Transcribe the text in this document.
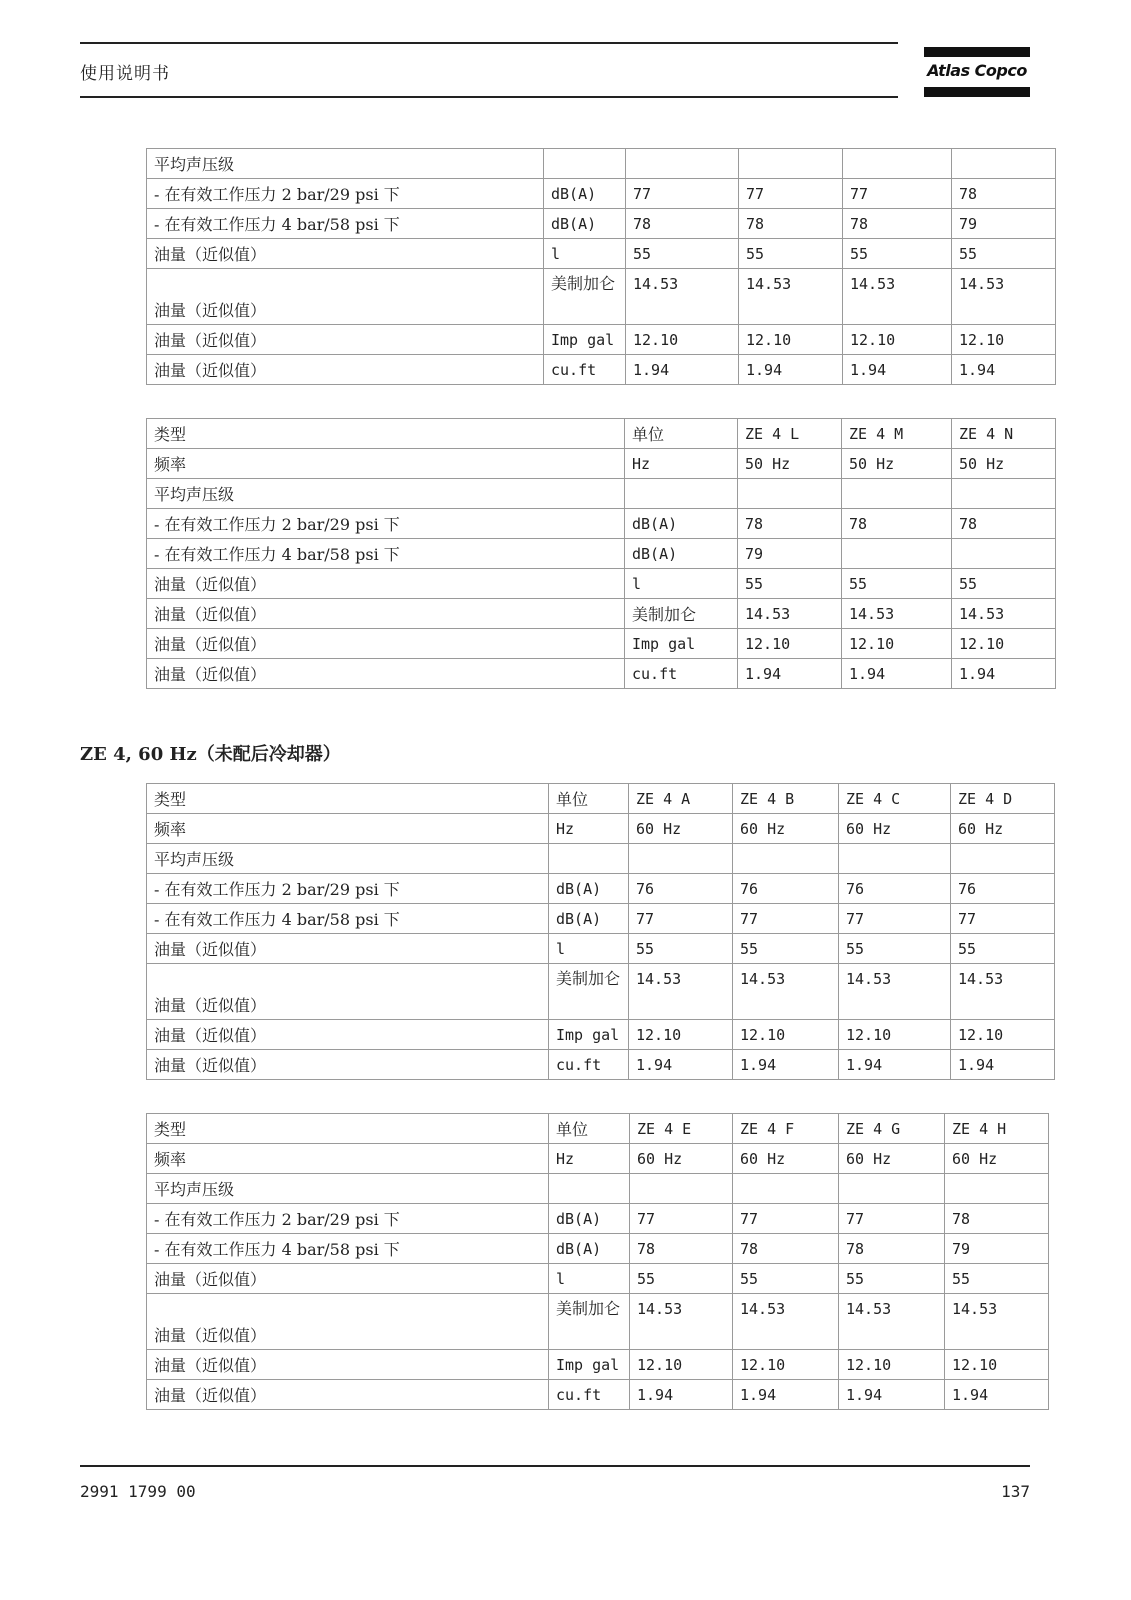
使用说明书	Atlas Copco
平均声压级					
- 在有效工作压力 2 bar/29 psi 下	dB(A)	77	77	77	78
- 在有效工作压力 4 bar/58 psi 下	dB(A)	78	78	78	79
油量（近似值）	l	55	55	55	55
油量（近似值）	美制加仑	14.53	14.53	14.53	14.53
油量（近似值）	Imp gal	12.10	12.10	12.10	12.10
油量（近似值）	cu.ft	1.94	1.94	1.94	1.94
类型	单位	ZE 4 L	ZE 4 M	ZE 4 N
频率	Hz	50 Hz	50 Hz	50 Hz
平均声压级				
- 在有效工作压力 2 bar/29 psi 下	dB(A)	78	78	78
- 在有效工作压力 4 bar/58 psi 下	dB(A)	79		
油量（近似值）	l	55	55	55
油量（近似值）	美制加仑	14.53	14.53	14.53
油量（近似值）	Imp gal	12.10	12.10	12.10
油量（近似值）	cu.ft	1.94	1.94	1.94
ZE 4, 60 Hz（未配后冷却器）
类型	单位	ZE 4 A	ZE 4 B	ZE 4 C	ZE 4 D
频率	Hz	60 Hz	60 Hz	60 Hz	60 Hz
平均声压级					
- 在有效工作压力 2 bar/29 psi 下	dB(A)	76	76	76	76
- 在有效工作压力 4 bar/58 psi 下	dB(A)	77	77	77	77
油量（近似值）	l	55	55	55	55
油量（近似值）	美制加仑	14.53	14.53	14.53	14.53
油量（近似值）	Imp gal	12.10	12.10	12.10	12.10
油量（近似值）	cu.ft	1.94	1.94	1.94	1.94
类型	单位	ZE 4 E	ZE 4 F	ZE 4 G	ZE 4 H
频率	Hz	60 Hz	60 Hz	60 Hz	60 Hz
平均声压级					
- 在有效工作压力 2 bar/29 psi 下	dB(A)	77	77	77	78
- 在有效工作压力 4 bar/58 psi 下	dB(A)	78	78	78	79
油量（近似值）	l	55	55	55	55
油量（近似值）	美制加仑	14.53	14.53	14.53	14.53
油量（近似值）	Imp gal	12.10	12.10	12.10	12.10
油量（近似值）	cu.ft	1.94	1.94	1.94	1.94
2991 1799 00	137
